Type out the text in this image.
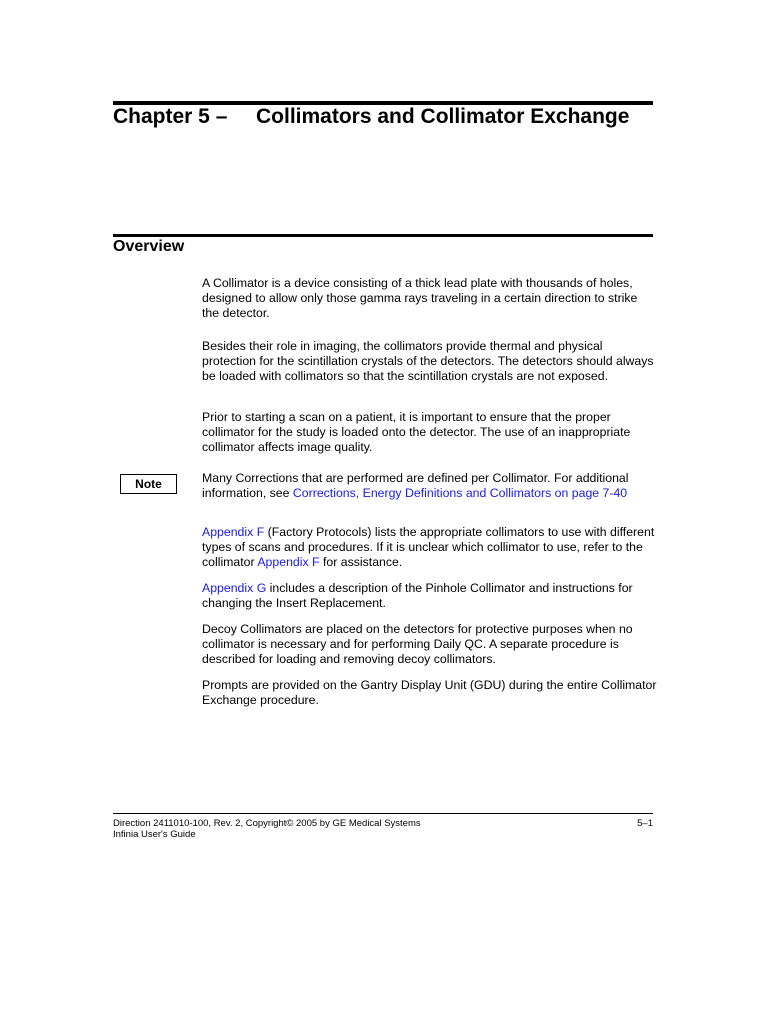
Chapter 5 – Collimators and Collimator Exchange
Overview

A Collimator is a device consisting of a thick lead plate with thousands of holes, designed to allow only those gamma rays traveling in a certain direction to strike the detector.

Besides their role in imaging, the collimators provide thermal and physical protection for the scintillation crystals of the detectors. The detectors should always be loaded with collimators so that the scintillation crystals are not exposed.

Prior to starting a scan on a patient, it is important to ensure that the proper collimator for the study is loaded onto the detector. The use of an inappropriate collimator affects image quality.

Note	Many Corrections that are performed are defined per Collimator. For additional information, see Corrections, Energy Definitions and Collimators on page 7-40

Appendix F (Factory Protocols) lists the appropriate collimators to use with different types of scans and procedures. If it is unclear which collimator to use, refer to the collimator Appendix F for assistance.

Appendix G includes a description of the Pinhole Collimator and instructions for changing the Insert Replacement.

Decoy Collimators are placed on the detectors for protective purposes when no collimator is necessary and for performing Daily QC. A separate procedure is described for loading and removing decoy collimators.

Prompts are provided on the Gantry Display Unit (GDU) during the entire Collimator Exchange procedure.

Direction 2411010-100, Rev. 2, Copyright© 2005 by GE Medical Systems
Infinia User's Guide
5–1
